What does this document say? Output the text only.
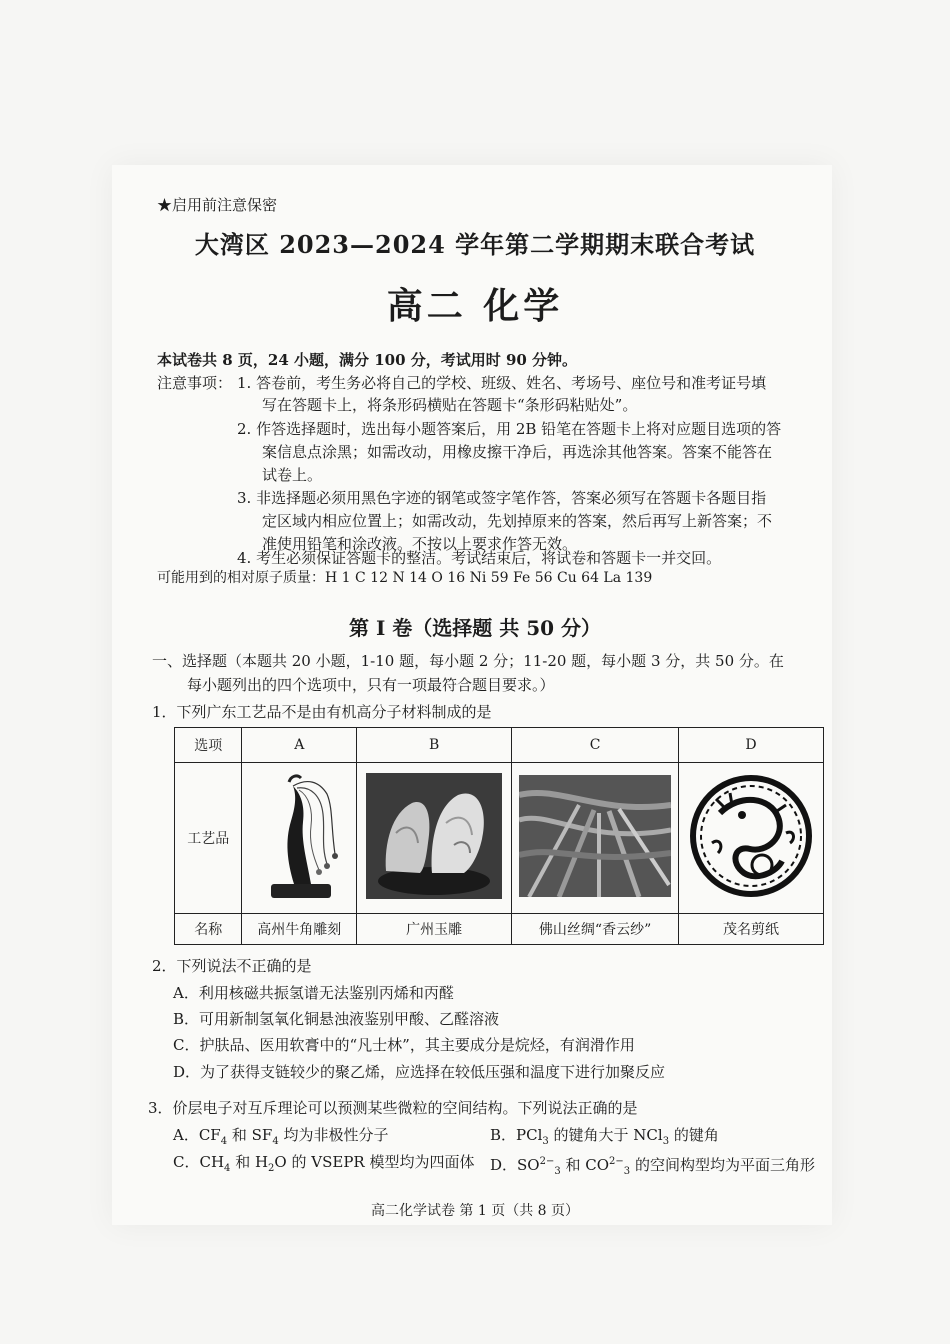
★启用前注意保密
大湾区 2023—2024 学年第二学期期末联合考试
高二 化学
本试卷共 8 页，24 小题，满分 100 分，考试用时 90 分钟。
注意事项： 1. 答卷前，考生务必将自己的学校、班级、姓名、考场号、座位号和准考证号填
写在答题卡上，将条形码横贴在答题卡“条形码粘贴处”。
2. 作答选择题时，选出每小题答案后，用 2B 铅笔在答题卡上将对应题目选项的答
案信息点涂黑；如需改动，用橡皮擦干净后，再选涂其他答案。答案不能答在
试卷上。
3. 非选择题必须用黑色字迹的钢笔或签字笔作答，答案必须写在答题卡各题目指
定区域内相应位置上；如需改动，先划掉原来的答案，然后再写上新答案；不
准使用铅笔和涂改液。不按以上要求作答无效。
4. 考生必须保证答题卡的整洁。考试结束后，将试卷和答题卡一并交回。
可能用到的相对原子质量：H 1 C 12 N 14 O 16 Ni 59 Fe 56 Cu 64 La 139
第 I 卷（选择题 共 50 分）
一、选择题（本题共 20 小题，1-10 题，每小题 2 分；11-20 题，每小题 3 分，共 50 分。在
每小题列出的四个选项中，只有一项最符合题目要求。）
1．下列广东工艺品不是由有机高分子材料制成的是
选项	A	B	C	D
工艺品				
名称	高州牛角雕刻	广州玉雕	佛山丝绸“香云纱”	茂名剪纸
2．下列说法不正确的是
A．利用核磁共振氢谱无法鉴别丙烯和丙醛
B．可用新制氢氧化铜悬浊液鉴别甲酸、乙醛溶液
C．护肤品、医用软膏中的“凡士林”，其主要成分是烷烃，有润滑作用
D．为了获得支链较少的聚乙烯，应选择在较低压强和温度下进行加聚反应
3．价层电子对互斥理论可以预测某些微粒的空间结构。下列说法正确的是
A．$CF_4$ 和 $SF_4$ 均为非极性分子	B．PCl$_3$ 的键角大于 NCl$_3$ 的键角
C．$CH_4$ 和 $H_2O$ 的 VSEPR 模型均为四面体 D．$SO^{2-}_3$ 和 $CO^{2-}_3$ 的空间构型均为平面三角形
高二化学试卷 第 1 页（共 8 页）
